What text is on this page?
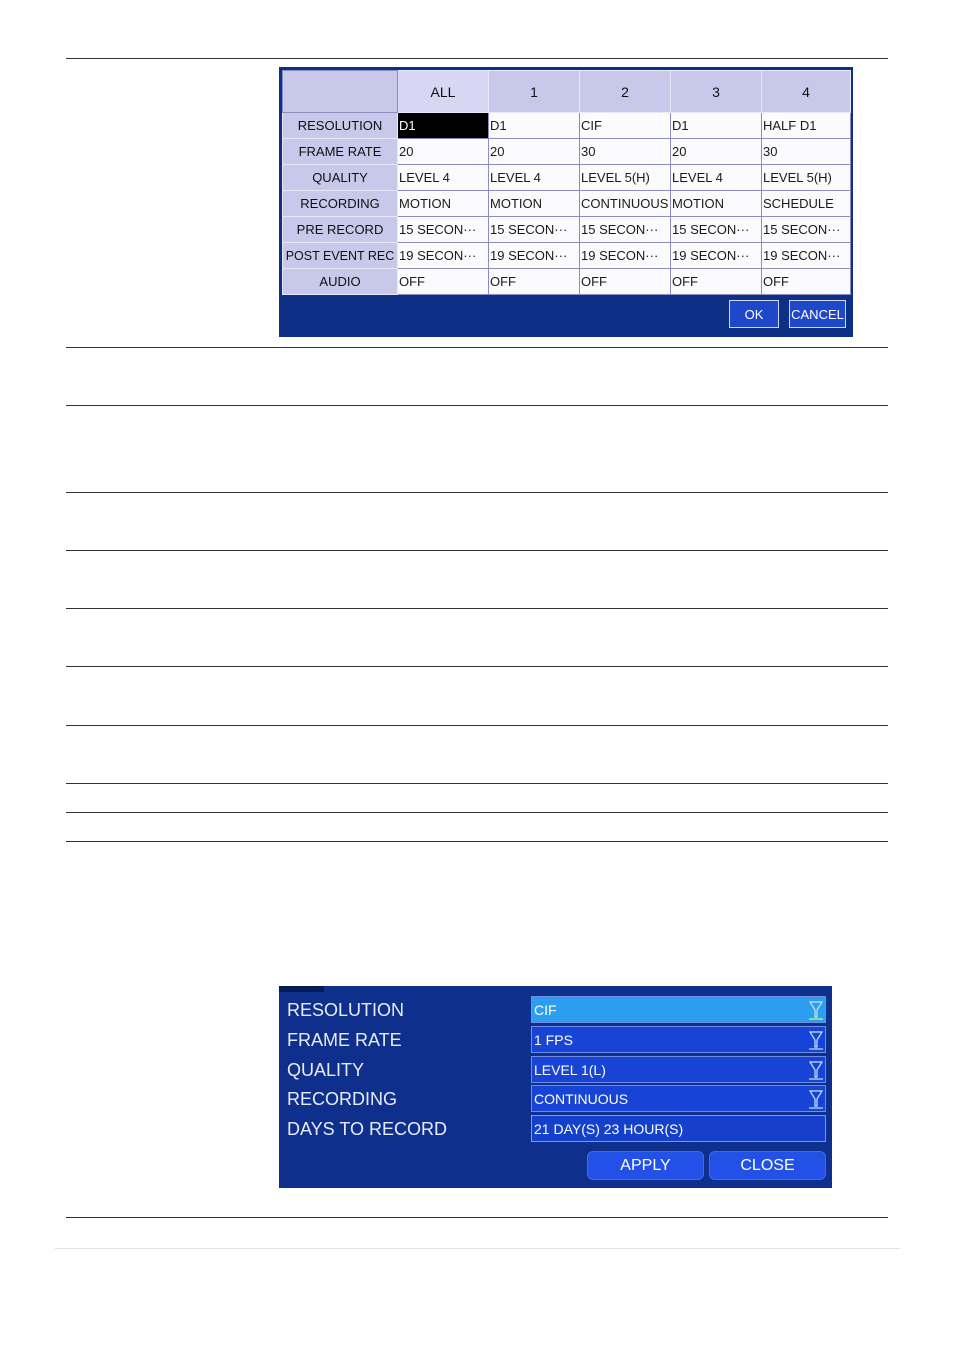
	ALL	1	2	3	4
RESOLUTION	D1	D1	CIF	D1	HALF D1
FRAME RATE	20	20	30	20	30
QUALITY	LEVEL 4	LEVEL 4	LEVEL 5(H)	LEVEL 4	LEVEL 5(H)
RECORDING	MOTION	MOTION	CONTINUOUS	MOTION	SCHEDULE
PRE RECORD	15 SECON···	15 SECON···	15 SECON···	15 SECON···	15 SECON···
POST EVENT REC	19 SECON···	19 SECON···	19 SECON···	19 SECON···	19 SECON···
AUDIO	OFF	OFF	OFF	OFF	OFF
OK	CANCEL
RESOLUTION	CIF
FRAME RATE	1 FPS
QUALITY	LEVEL 1(L)
RECORDING	CONTINUOUS
DAYS TO RECORD	21 DAY(S) 23 HOUR(S)
APPLY	CLOSE
